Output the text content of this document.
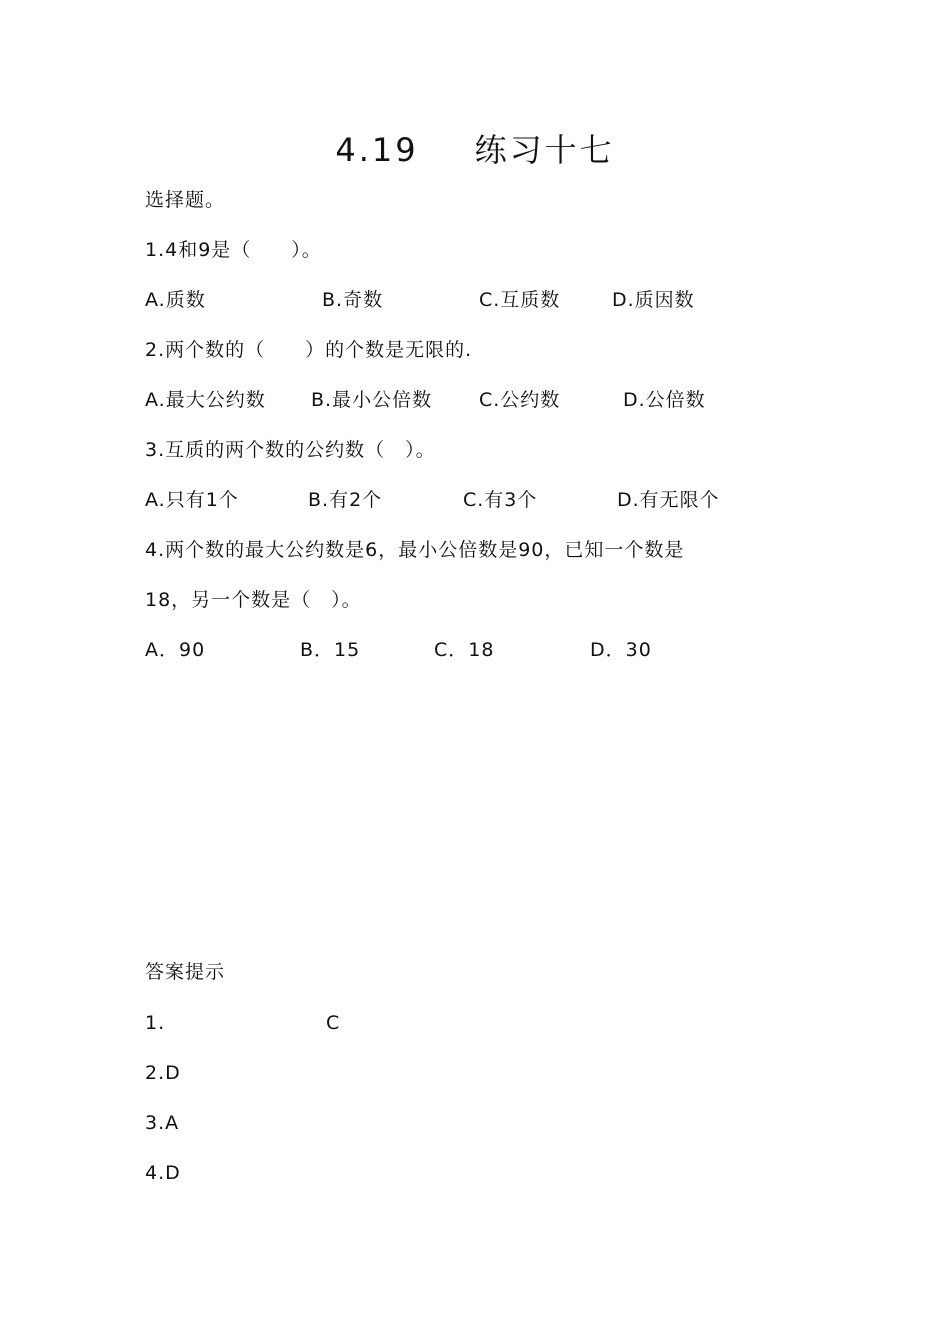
4.19 练习十七
选择题。
1.4和9是（　　）。
A.质数	B.奇数	C.互质数	D.质因数
2.两个数的（　　）的个数是无限的.
A.最大公约数 B.最小公倍数 C.公约数	D.公倍数
3.互质的两个数的公约数（　）。
A.只有1个	B.有2个	C.有3个	D.有无限个
4.两个数的最大公约数是6，最小公倍数是90，已知一个数是
18，另一个数是（　）。
A．90	B．15	C．18	D．30
答案提示
1.	C
2.D
3.A
4.D
